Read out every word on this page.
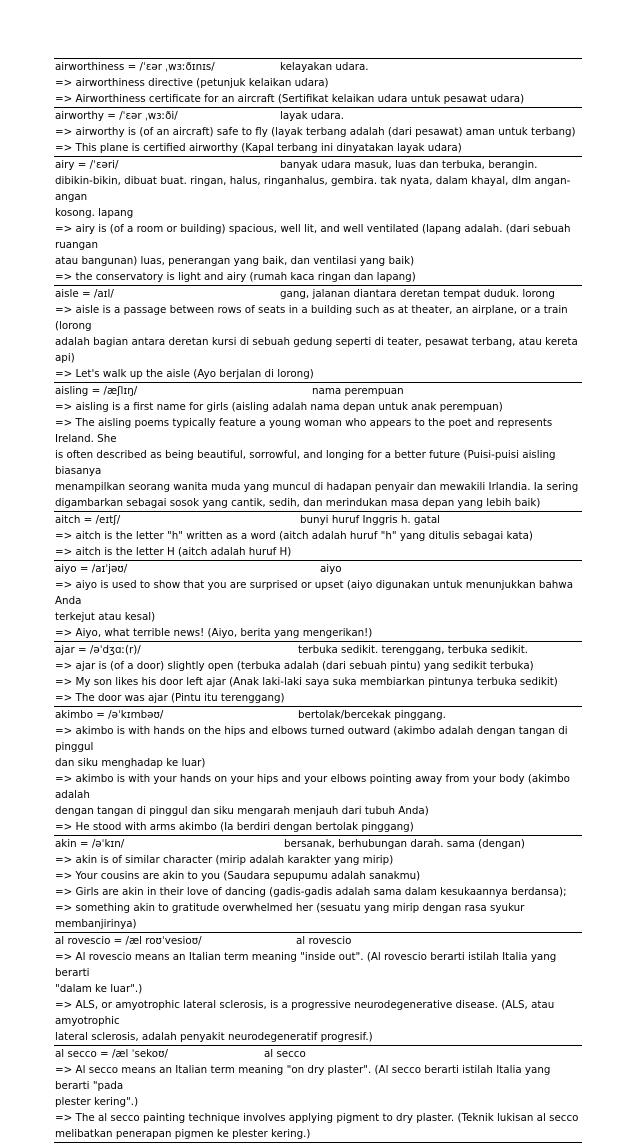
airworthiness = /ˈɛər ˌwɜːðɪnɪs/	kelayakan udara.
=> airworthiness directive (petunjuk kelaikan udara)
=> Airworthiness certificate for an aircraft (Sertifikat kelaikan udara untuk pesawat udara)
airworthy = /ˈɛər ˌwɜːði/	layak udara.
=> airworthy is (of an aircraft) safe to fly (layak terbang adalah (dari pesawat) aman untuk terbang)
=> This plane is certified airworthy (Kapal terbang ini dinyatakan layak udara)
airy = /ˈɛəri/	banyak udara masuk, luas dan terbuka, berangin.
dibikin-bikin, dibuat buat. ringan, halus, ringanhalus, gembira. tak nyata, dalam khayal, dlm angan-angan
kosong. lapang
=> airy is (of a room or building) spacious, well lit, and well ventilated (lapang adalah. (dari sebuah ruangan
atau bangunan) luas, penerangan yang baik, dan ventilasi yang baik)
=> the conservatory is light and airy (rumah kaca ringan dan lapang)
aisle = /aɪl/	gang, jalanan diantara deretan tempat duduk. lorong
=> aisle is a passage between rows of seats in a building such as at theater, an airplane, or a train (lorong
adalah bagian antara deretan kursi di sebuah gedung seperti di teater, pesawat terbang, atau kereta api)
=> Let's walk up the aisle (Ayo berjalan di lorong)
aisling = /æʃlɪŋ/	nama perempuan
=> aisling is a first name for girls (aisling adalah nama depan untuk anak perempuan)
=> The aisling poems typically feature a young woman who appears to the poet and represents Ireland. She
is often described as being beautiful, sorrowful, and longing for a better future (Puisi-puisi aisling biasanya
menampilkan seorang wanita muda yang muncul di hadapan penyair dan mewakili Irlandia. Ia sering
digambarkan sebagai sosok yang cantik, sedih, dan merindukan masa depan yang lebih baik)
aitch = /eɪtʃ/	bunyi huruf Inggris h. gatal
=> aitch is the letter "h" written as a word (aitch adalah huruf "h" yang ditulis sebagai kata)
=> aitch is the letter H (aitch adalah huruf H)
aiyo = /aɪˈjəʊ/	aiyo
=> aiyo is used to show that you are surprised or upset (aiyo digunakan untuk menunjukkan bahwa Anda
terkejut atau kesal)
=> Aiyo, what terrible news! (Aiyo, berita yang mengerikan!)
ajar = /əˈdʒɑː(r)/	terbuka sedikit. terenggang, terbuka sedikit.
=> ajar is (of a door) slightly open (terbuka adalah (dari sebuah pintu) yang sedikit terbuka)
=> My son likes his door left ajar (Anak laki-laki saya suka membiarkan pintunya terbuka sedikit)
=> The door was ajar (Pintu itu terenggang)
akimbo = /əˈkɪmbəʊ/	bertolak/bercekak pinggang.
=> akimbo is with hands on the hips and elbows turned outward (akimbo adalah dengan tangan di pinggul
dan siku menghadap ke luar)
=> akimbo is with your hands on your hips and your elbows pointing away from your body (akimbo adalah
dengan tangan di pinggul dan siku mengarah menjauh dari tubuh Anda)
=> He stood with arms akimbo (Ia berdiri dengan bertolak pinggang)
akin = /əˈkɪn/	bersanak, berhubungan darah. sama (dengan)
=> akin is of similar character (mirip adalah karakter yang mirip)
=> Your cousins are akin to you (Saudara sepupumu adalah sanakmu)
=> Girls are akin in their love of dancing (gadis-gadis adalah sama dalam kesukaannya berdansa);
=> something akin to gratitude overwhelmed her (sesuatu yang mirip dengan rasa syukur membanjirinya)
al rovescio = /æl roʊˈvesioʊ/	al rovescio
=> Al rovescio means an Italian term meaning "inside out". (Al rovescio berarti istilah Italia yang berarti
"dalam ke luar".)
=> ALS, or amyotrophic lateral sclerosis, is a progressive neurodegenerative disease. (ALS, atau amyotrophic
lateral sclerosis, adalah penyakit neurodegeneratif progresif.)
al secco = /æl ˈsekoʊ/	al secco
=> Al secco means an Italian term meaning "on dry plaster". (Al secco berarti istilah Italia yang berarti "pada
plester kering".)
=> The al secco painting technique involves applying pigment to dry plaster. (Teknik lukisan al secco
melibatkan penerapan pigmen ke plester kering.)
